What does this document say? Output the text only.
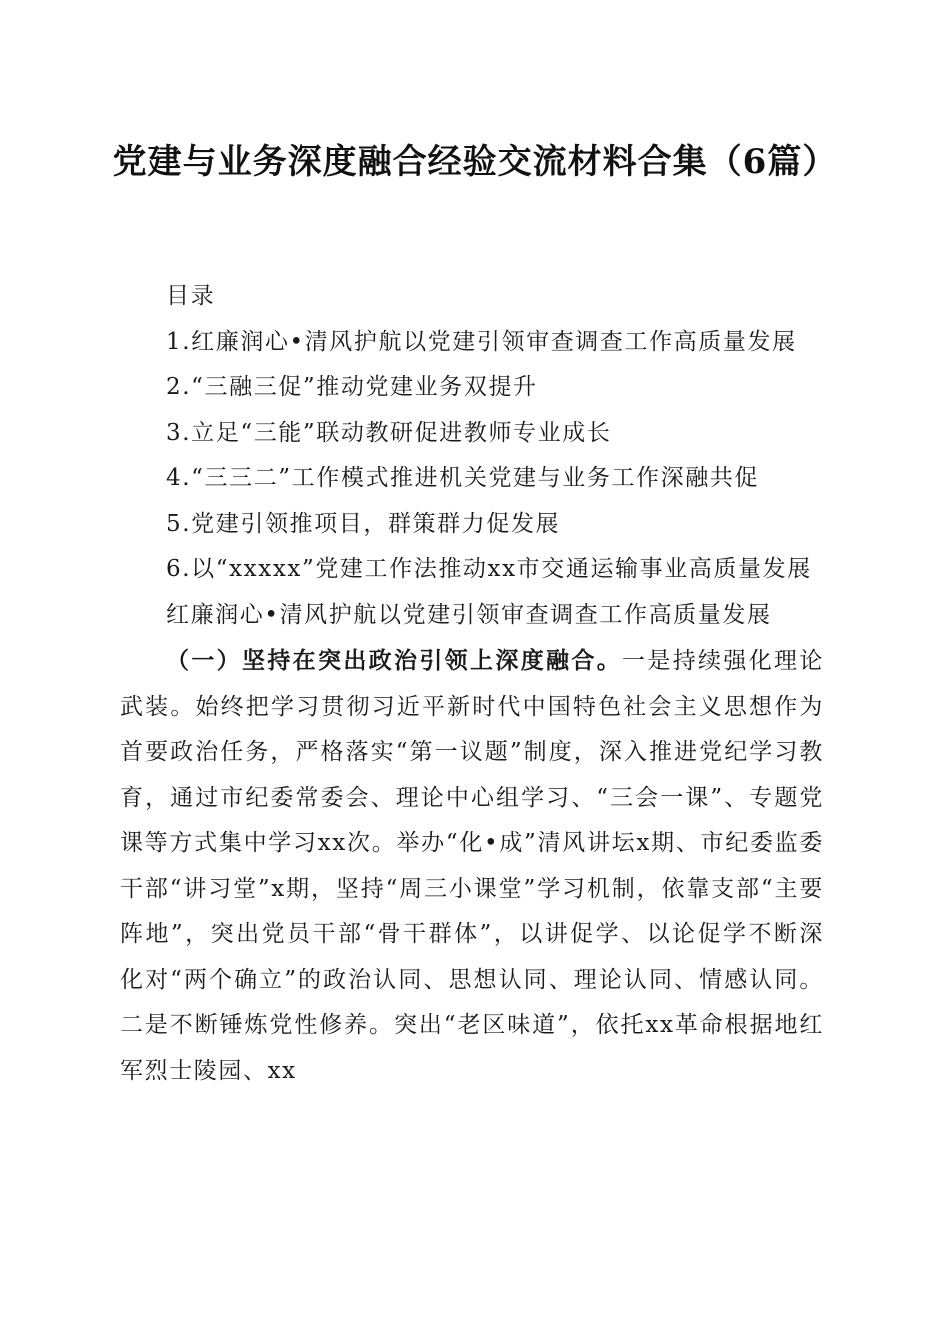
党建与业务深度融合经验交流材料合集（6篇）

目录

1.红廉润心•清风护航以党建引领审查调查工作高质量发展

2.“三融三促”推动党建业务双提升

3.立足“三能”联动教研促进教师专业成长

4.“三三二”工作模式推进机关党建与业务工作深融共促

5.党建引领推项目，群策群力促发展

6.以“xxxxx”党建工作法推动xx市交通运输事业高质量发展

红廉润心•清风护航以党建引领审查调查工作高质量发展

（一）坚持在突出政治引领上深度融合。一是持续强化理论武装。始终把学习贯彻习近平新时代中国特色社会主义思想作为首要政治任务，严格落实“第一议题”制度，深入推进党纪学习教育，通过市纪委常委会、理论中心组学习、“三会一课”、专题党课等方式集中学习xx次。举办“化•成”清风讲坛x期、市纪委监委干部“讲习堂”x期，坚持“周三小课堂”学习机制，依靠支部“主要阵地”，突出党员干部“骨干群体”，以讲促学、以论促学不断深化对“两个确立”的政治认同、思想认同、理论认同、情感认同。二是不断锤炼党性修养。突出“老区味道”，依托xx革命根据地红军烈士陵园、xx
